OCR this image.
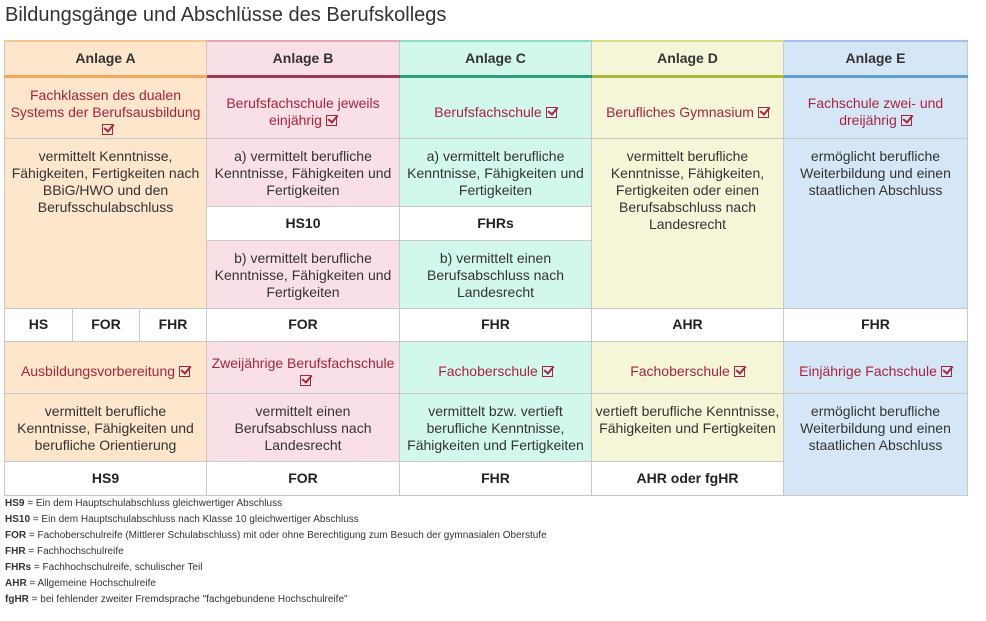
Bildungsgänge und Abschlüsse des Berufskollegs
Anlage A			Anlage B	Anlage C	Anlage D	Anlage E
Fachklassen des dualen Systems der Berufsausbildung			Berufsfachschule jeweils einjährig	Berufsfachschule	Berufliches Gymnasium	Fachschule zwei- und dreijährig
vermittelt Kenntnisse, Fähigkeiten, Fertigkeiten nach BBiG/HWO und den Berufsschulabschluss			a) vermittelt berufliche Kenntnisse, Fähigkeiten und Fertigkeiten	a) vermittelt berufliche Kenntnisse, Fähigkeiten und Fertigkeiten	vermittelt berufliche Kenntnisse, Fähigkeiten, Fertigkeiten oder einen Berufsabschluss nach Landesrecht	ermöglicht berufliche Weiterbildung und einen staatlichen Abschluss
			HS10	FHRs		
			b) vermittelt berufliche Kenntnisse, Fähigkeiten und Fertigkeiten	b) vermittelt einen Berufsabschluss nach Landesrecht		
HS	FOR	FHR	FOR	FHR	AHR	FHR
Ausbildungsvorbereitung			Zweijährige Berufsfachschule	Fachoberschule	Fachoberschule	Einjährige Fachschule
vermittelt berufliche Kenntnisse, Fähigkeiten und berufliche Orientierung			vermittelt einen Berufsabschluss nach Landesrecht	vermittelt bzw. vertieft berufliche Kenntnisse, Fähigkeiten und Fertigkeiten	vertieft berufliche Kenntnisse, Fähigkeiten und Fertigkeiten	ermöglicht berufliche Weiterbildung und einen staatlichen Abschluss
HS9			FOR	FHR	AHR oder fgHR	
HS9 = Ein dem Hauptschulabschluss gleichwertiger Abschluss
HS10 = Ein dem Hauptschulabschluss nach Klasse 10 gleichwertiger Abschluss
FOR = Fachoberschulreife (Mittlerer Schulabschluss) mit oder ohne Berechtigung zum Besuch der gymnasialen Oberstufe
FHR = Fachhochschulreife
FHRs = Fachhochschulreife, schulischer Teil
AHR = Allgemeine Hochschulreife
fgHR = bei fehlender zweiter Fremdsprache "fachgebundene Hochschulreife"
